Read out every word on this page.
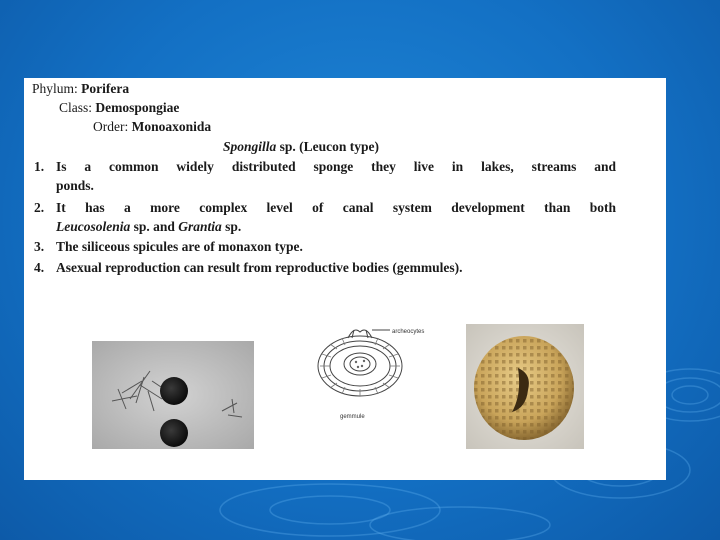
Phylum: Porifera
Class: Demospongiae
Order: Monoaxonida
Spongilla sp. (Leucon type)
1. Is a common widely distributed sponge they live in lakes, streams and
ponds.
2. It has a more complex level of canal system development than both
Leucosolenia sp. and Grantia sp.
3. The siliceous spicules are of monaxon type.
4. Asexual reproduction can result from reproductive bodies (gemmules).
archeocytes
gemmule
